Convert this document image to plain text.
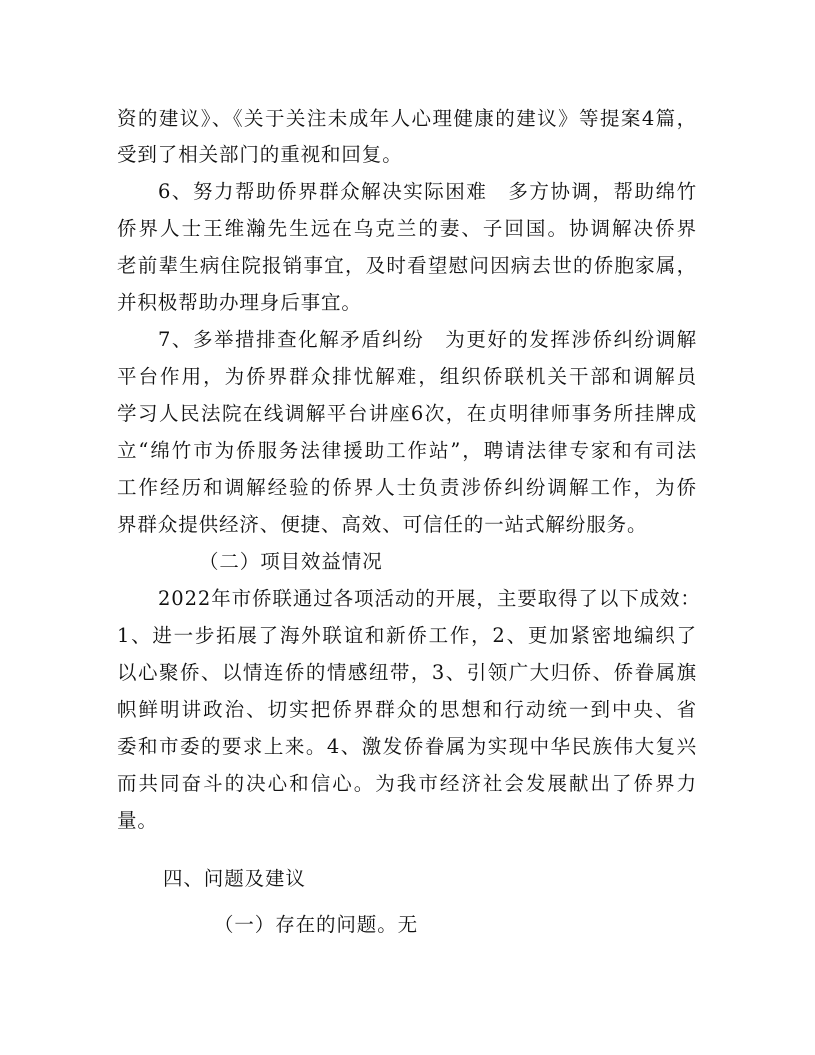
资的建议》、《关于关注未成年人心理健康的建议》等提案4篇，
受到了相关部门的重视和回复。
6、努力帮助侨界群众解决实际困难　多方协调，帮助绵竹
侨界人士王维瀚先生远在乌克兰的妻、子回国。协调解决侨界
老前辈生病住院报销事宜，及时看望慰问因病去世的侨胞家属，
并积极帮助办理身后事宜。
7、多举措排查化解矛盾纠纷　为更好的发挥涉侨纠纷调解
平台作用，为侨界群众排忧解难，组织侨联机关干部和调解员
学习人民法院在线调解平台讲座6次，在贞明律师事务所挂牌成
立“绵竹市为侨服务法律援助工作站”，聘请法律专家和有司法
工作经历和调解经验的侨界人士负责涉侨纠纷调解工作，为侨
界群众提供经济、便捷、高效、可信任的一站式解纷服务。
（二）项目效益情况
2022年市侨联通过各项活动的开展，主要取得了以下成效：
1、进一步拓展了海外联谊和新侨工作，2、更加紧密地编织了
以心聚侨、以情连侨的情感纽带，3、引领广大归侨、侨眷属旗
帜鲜明讲政治、切实把侨界群众的思想和行动统一到中央、省
委和市委的要求上来。4、激发侨眷属为实现中华民族伟大复兴
而共同奋斗的决心和信心。为我市经济社会发展献出了侨界力
量。
四、问题及建议
（一）存在的问题。无
